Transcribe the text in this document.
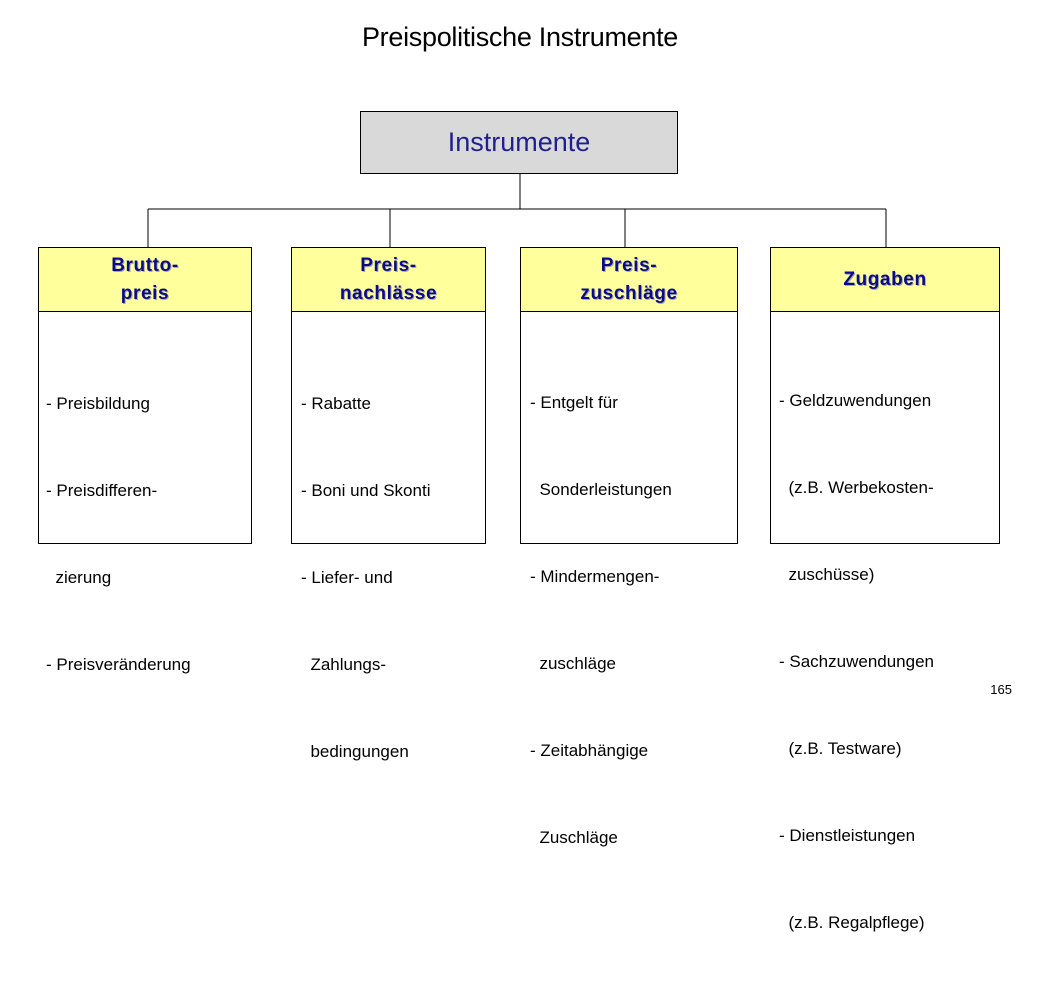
Preispolitische Instrumente
Instrumente
Brutto-
preis

- Preisbildung

- Preisdifferen-

zierung

- Preisveränderung

Preis-
nachlässe

- Rabatte

- Boni und Skonti

- Liefer- und

Zahlungs-

bedingungen

Preis-
zuschläge

- Entgelt für

Sonderleistungen

- Mindermengen-

zuschläge

- Zeitabhängige

Zuschläge

Zugaben

- Geldzuwendungen

(z.B. Werbekosten-

zuschüsse)

- Sachzuwendungen

(z.B. Testware)

- Dienstleistungen

(z.B. Regalpflege)

165
